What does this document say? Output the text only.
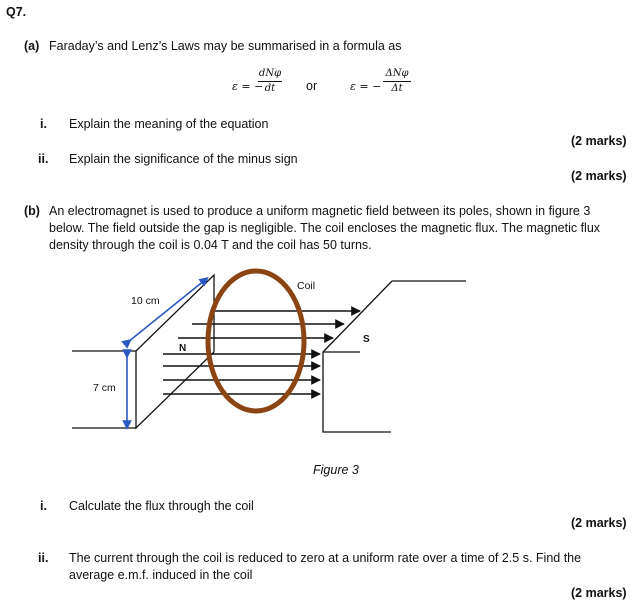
Q7.
(a) Faraday’s and Lenz’s Laws may be summarised in a formula as
ε = −
dNφ
dt	or	ε = −
ΔNφ
Δt
i. Explain the meaning of the equation
(2 marks)
ii. Explain the significance of the minus sign
(2 marks)
(b) An electromagnet is used to produce a uniform magnetic field between its poles, shown in figure 3
below. The field outside the gap is negligible. The coil encloses the magnetic flux. The magnetic flux
density through the coil is 0.04 T and the coil has 50 turns.
Coil
10 cm
7 cm
N
S
Figure 3
i. Calculate the flux through the coil
(2 marks)
ii. The current through the coil is reduced to zero at a uniform rate over a time of 2.5 s. Find the
average e.m.f. induced in the coil
(2 marks)
